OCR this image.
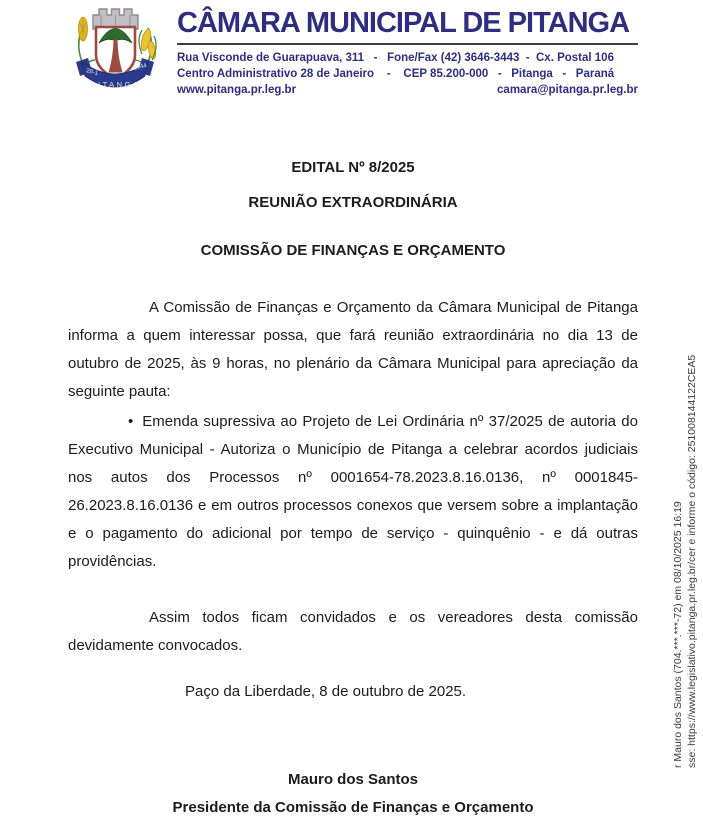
28-1
1944
PITANGA
CÂMARA MUNICIPAL DE PITANGA
Rua Visconde de Guarapuava, 311   -   Fone/Fax (42) 3646-3443  -  Cx. Postal 106
Centro Administrativo 28 de Janeiro    -    CEP 85.200-000   -   Pitanga   -   Paraná
www.pitanga.pr.leg.br	camara@pitanga.pr.leg.br
EDITAL Nº 8/2025
REUNIÃO EXTRAORDINÁRIA
COMISSÃO DE FINANÇAS E ORÇAMENTO

A Comissão de Finanças e Orçamento da Câmara Municipal de Pitanga informa a quem interessar possa, que fará reunião extraordinária no dia 13 de outubro de 2025, às 9 horas, no plenário da Câmara Municipal para apreciação da seguinte pauta:

• Emenda supressiva ao Projeto de Lei Ordinária nº 37/2025 de autoria do Executivo Municipal - Autoriza o Município de Pitanga a celebrar acordos judiciais nos autos dos Processos nº 0001654-78.2023.8.16.0136, nº 0001845-26.2023.8.16.0136 e em outros processos conexos que versem sobre a implantação e o pagamento do adicional por tempo de serviço - quinquênio - e dá outras providências.

Assim todos ficam convidados e os vereadores desta comissão devidamente convocados.

Paço da Liberdade, 8 de outubro de 2025.

Mauro dos Santos
Presidente da Comissão de Finanças e Orçamento
r Mauro dos Santos (704.***.***-72) em 08/10/2025 16:19 sse: https://www.legislativo.pitanga.pr.leg.br/cer e informe o código: 251008144122CEA5
